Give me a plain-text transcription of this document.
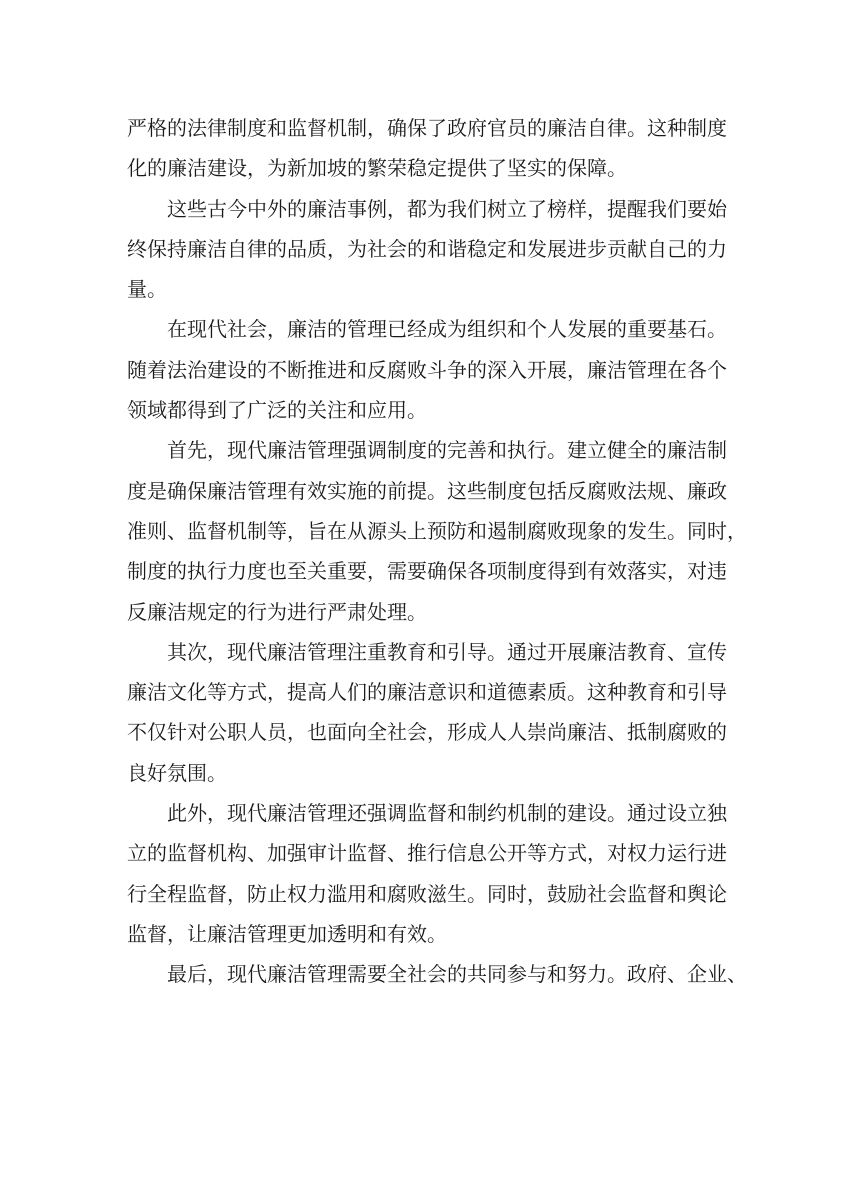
严格的法律制度和监督机制，确保了政府官员的廉洁自律。这种制度
化的廉洁建设，为新加坡的繁荣稳定提供了坚实的保障。
这些古今中外的廉洁事例，都为我们树立了榜样，提醒我们要始
终保持廉洁自律的品质，为社会的和谐稳定和发展进步贡献自己的力
量。
在现代社会，廉洁的管理已经成为组织和个人发展的重要基石。
随着法治建设的不断推进和反腐败斗争的深入开展，廉洁管理在各个
领域都得到了广泛的关注和应用。
首先，现代廉洁管理强调制度的完善和执行。建立健全的廉洁制
度是确保廉洁管理有效实施的前提。这些制度包括反腐败法规、廉政
准则、监督机制等，旨在从源头上预防和遏制腐败现象的发生。同时，
制度的执行力度也至关重要，需要确保各项制度得到有效落实，对违
反廉洁规定的行为进行严肃处理。
其次，现代廉洁管理注重教育和引导。通过开展廉洁教育、宣传
廉洁文化等方式，提高人们的廉洁意识和道德素质。这种教育和引导
不仅针对公职人员，也面向全社会，形成人人崇尚廉洁、抵制腐败的
良好氛围。
此外，现代廉洁管理还强调监督和制约机制的建设。通过设立独
立的监督机构、加强审计监督、推行信息公开等方式，对权力运行进
行全程监督，防止权力滥用和腐败滋生。同时，鼓励社会监督和舆论
监督，让廉洁管理更加透明和有效。
最后，现代廉洁管理需要全社会的共同参与和努力。政府、企业、
